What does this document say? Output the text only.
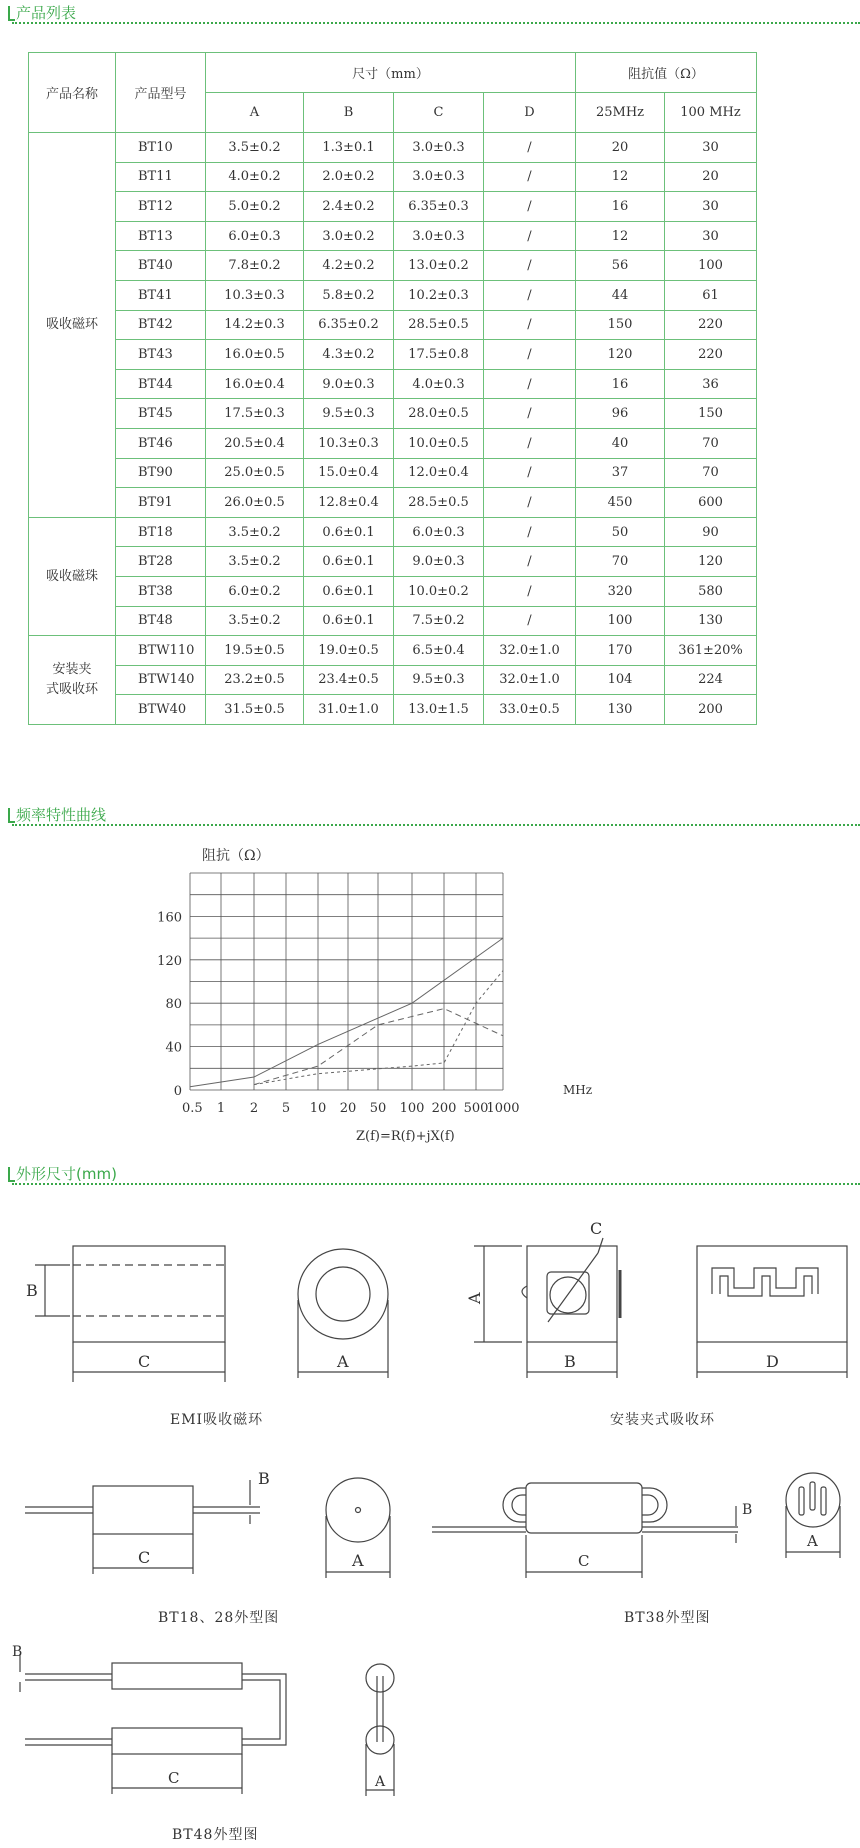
产品列表
产品名称	产品型号	尺寸（mm）				阻抗值（Ω）	
		A	B	C	D	25MHz	100 MHz
吸收磁环	BT10	3.5±0.2	1.3±0.1	3.0±0.3	/	20	30
	BT11	4.0±0.2	2.0±0.2	3.0±0.3	/	12	20
	BT12	5.0±0.2	2.4±0.2	6.35±0.3	/	16	30
	BT13	6.0±0.3	3.0±0.2	3.0±0.3	/	12	30
	BT40	7.8±0.2	4.2±0.2	13.0±0.2	/	56	100
	BT41	10.3±0.3	5.8±0.2	10.2±0.3	/	44	61
	BT42	14.2±0.3	6.35±0.2	28.5±0.5	/	150	220
	BT43	16.0±0.5	4.3±0.2	17.5±0.8	/	120	220
	BT44	16.0±0.4	9.0±0.3	4.0±0.3	/	16	36
	BT45	17.5±0.3	9.5±0.3	28.0±0.5	/	96	150
	BT46	20.5±0.4	10.3±0.3	10.0±0.5	/	40	70
	BT90	25.0±0.5	15.0±0.4	12.0±0.4	/	37	70
	BT91	26.0±0.5	12.8±0.4	28.5±0.5	/	450	600
吸收磁珠	BT18	3.5±0.2	0.6±0.1	6.0±0.3	/	50	90
	BT28	3.5±0.2	0.6±0.1	9.0±0.3	/	70	120
	BT38	6.0±0.2	0.6±0.1	10.0±0.2	/	320	580
	BT48	3.5±0.2	0.6±0.1	7.5±0.2	/	100	130
安装夹
式吸收环	BTW110	19.5±0.5	19.0±0.5	6.5±0.4	32.0±1.0	170	361±20%
	BTW140	23.2±0.5	23.4±0.5	9.5±0.3	32.0±1.0	104	224
	BTW40	31.5±0.5	31.0±1.0	13.0±1.5	33.0±0.5	130	200
频率特性曲线
阻抗（Ω）
0
40
80
120
160
0.5 1 2 5 10 20 50 100 200 500
1000
MHz
Z(f)=R(f)+jX(f)
外形尺寸(mm)
B
C	A
C
A
B	D
B
C	A
B
C
A
B
C	A
EMI吸收磁环	安装夹式吸收环
BT18、28外型图	BT38外型图
BT48外型图
